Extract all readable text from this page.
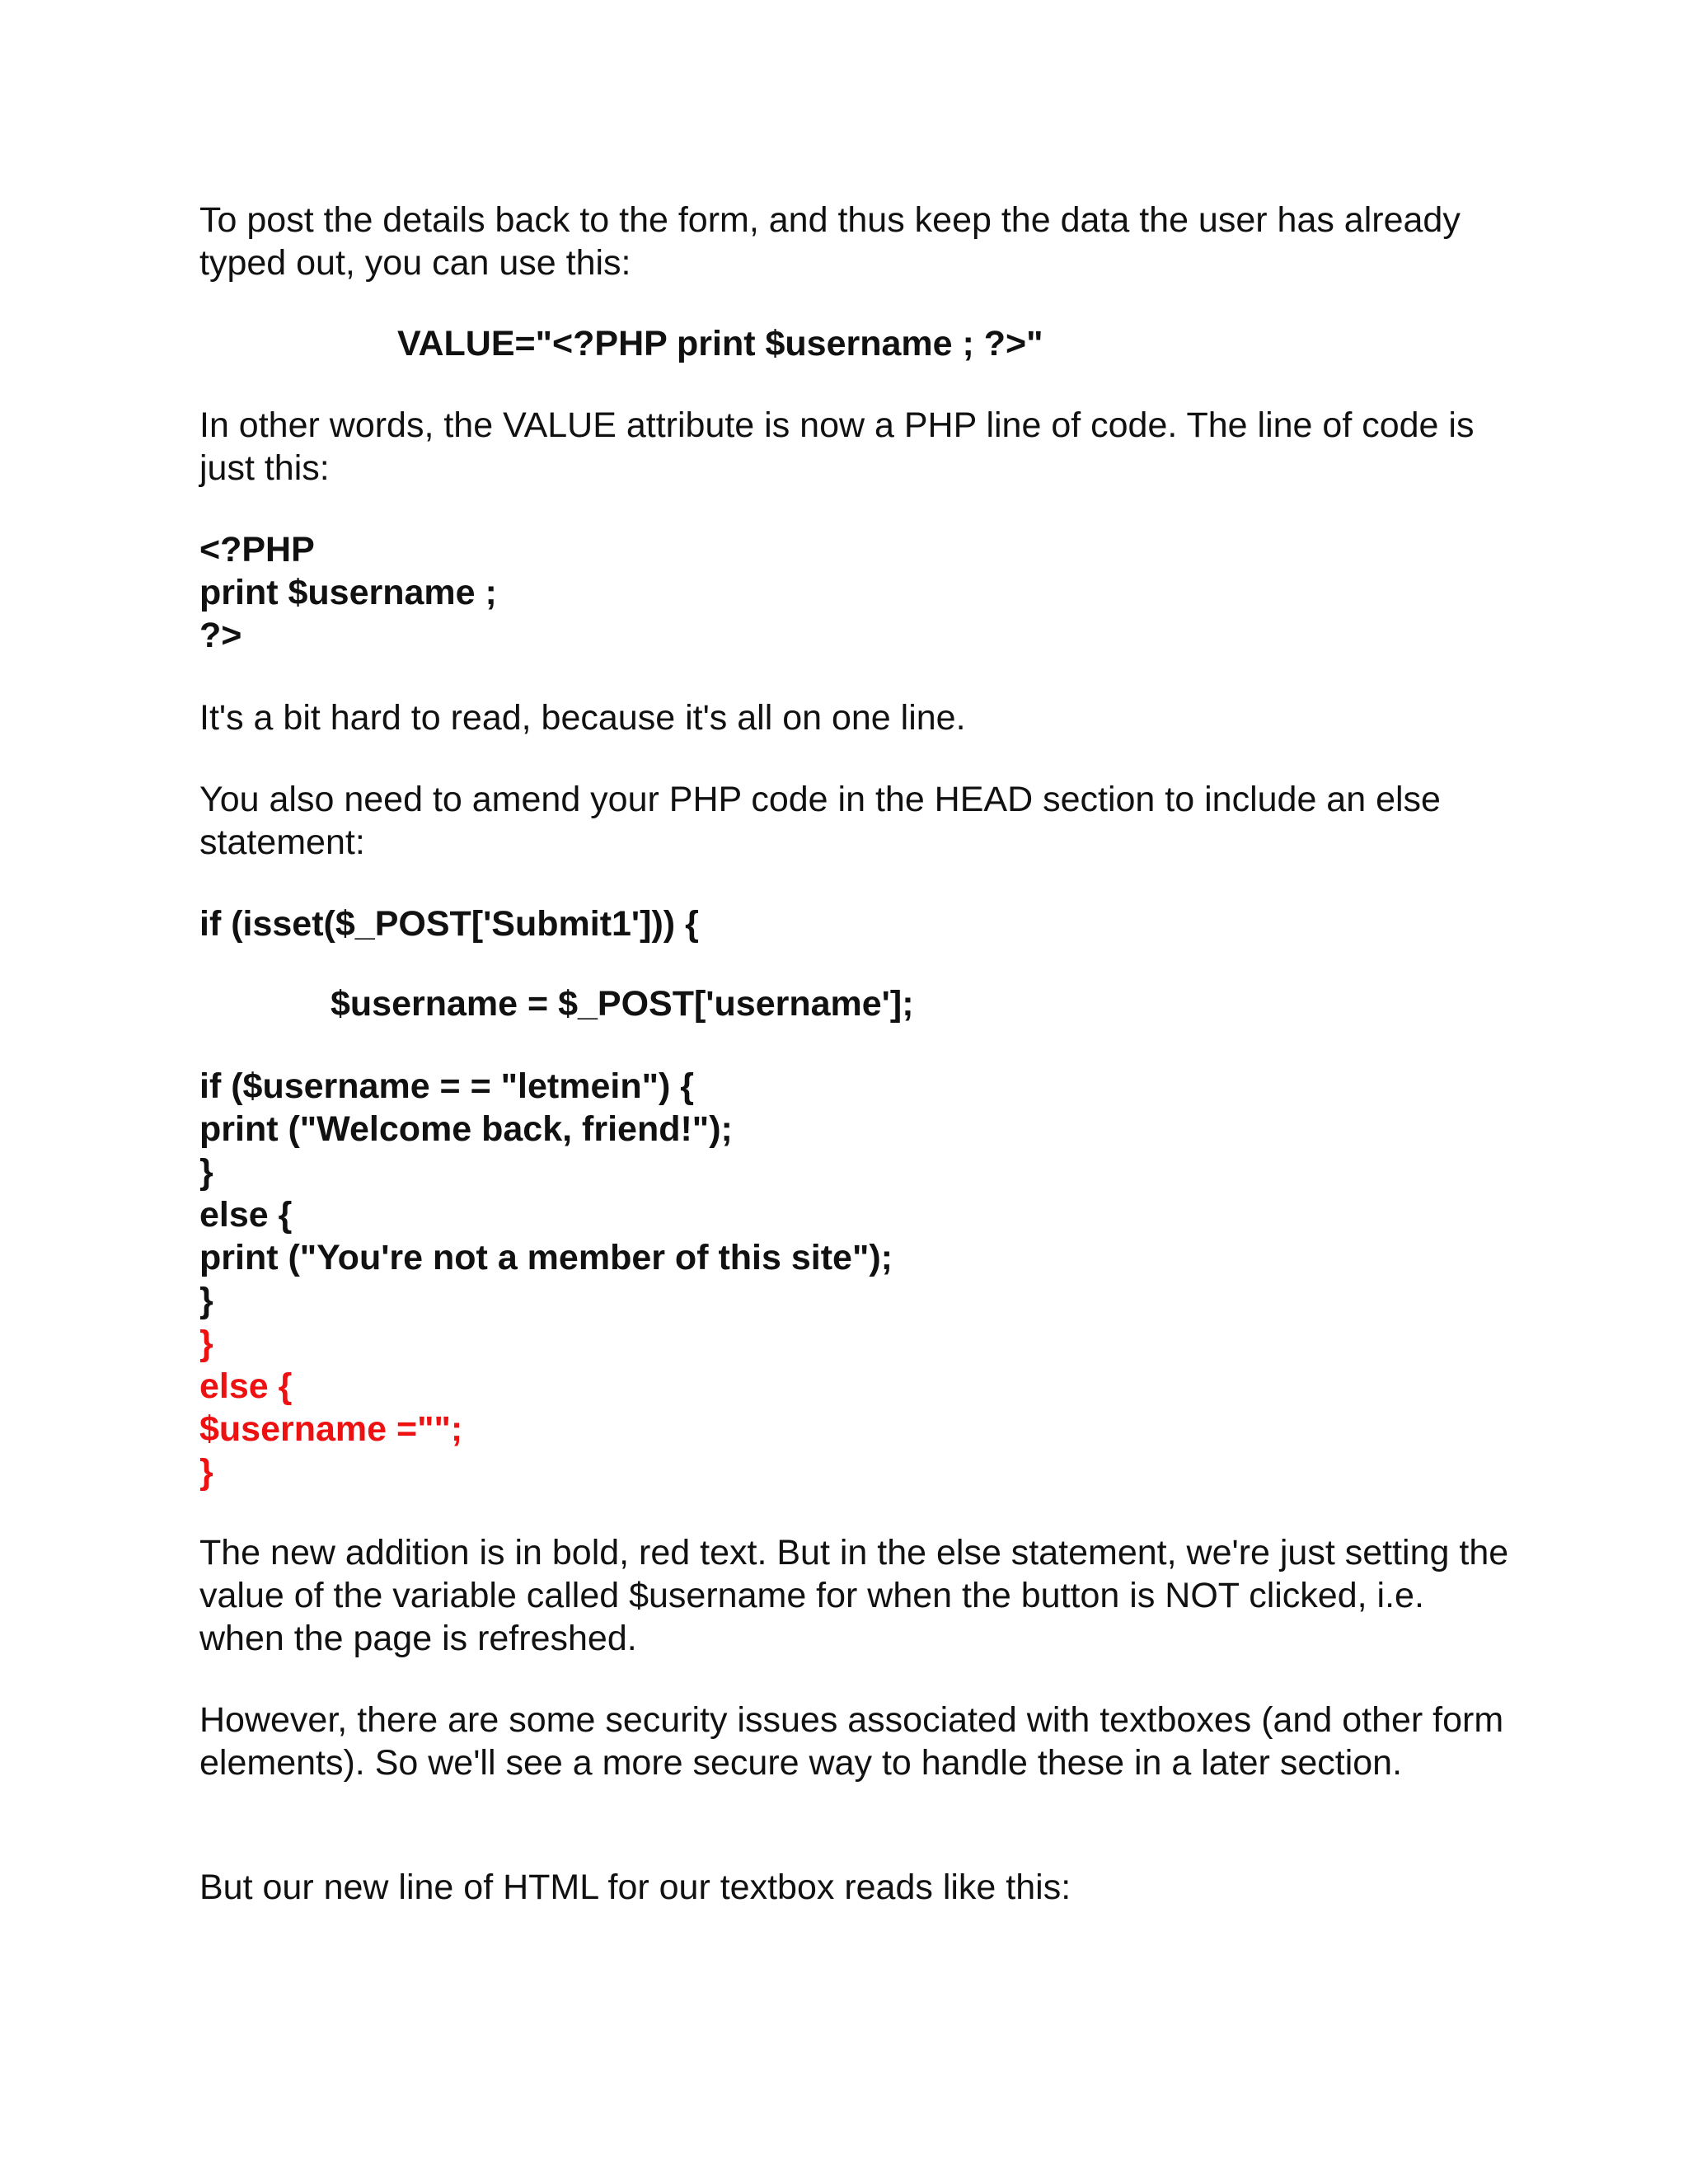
To post the details back to the form, and thus keep the data the user has already typed out, you can use this:

VALUE="<?PHP print $username ; ?>"

In other words, the VALUE attribute is now a PHP line of code. The line of code is just this:

<?PHP
print $username ;
?>

It's a bit hard to read, because it's all on one line.

You also need to amend your PHP code in the HEAD section to include an else statement:

if (isset($_POST['Submit1'])) {
$username = $_POST['username'];
if ($username = = "letmein") {
print ("Welcome back, friend!");
}
else {
print ("You're not a member of this site");
}
}
else {
$username ="";
}

The new addition is in bold, red text. But in the else statement, we're just setting the value of the variable called $username for when the button is NOT clicked, i.e. when the page is refreshed.

However, there are some security issues associated with textboxes (and other form elements). So we'll see a more secure way to handle these in a later section.

But our new line of HTML for our textbox reads like this:
